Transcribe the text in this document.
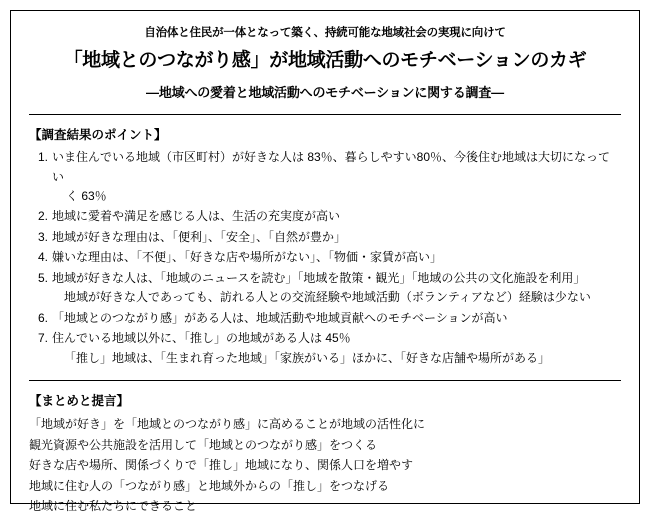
自治体と住民が一体となって築く、持続可能な地域社会の実現に向けて
「地域とのつながり感」が地域活動へのモチベーションのカギ
―地域への愛着と地域活動へのモチベーションに関する調査―
【調査結果のポイント】
1. いま住んでいる地域（市区町村）が好きな人は 83％、暮らしやすい80％、今後住む地域は大切になってい
く 63％
2. 地域に愛着や満足を感じる人は、生活の充実度が高い
3. 地域が好きな理由は、「便利」、「安全」、「自然が豊か」
4. 嫌いな理由は、「不便」、「好きな店や場所がない」、「物価・家賃が高い」
5. 地域が好きな人は、「地域のニュースを読む」「地域を散策・観光」「地域の公共の文化施設を利用」
地域が好きな人であっても、訪れる人との交流経験や地域活動（ボランティアなど）経験は少ない
6. 「地域とのつながり感」がある人は、地域活動や地域貢献へのモチベーションが高い
7. 住んでいる地域以外に、「推し」の地域がある人は 45％
「推し」地域は、「生まれ育った地域」「家族がいる」ほかに、「好きな店舗や場所がある」
【まとめと提言】
「地域が好き」を「地域とのつながり感」に高めることが地域の活性化に
観光資源や公共施設を活用して「地域とのつながり感」をつくる
好きな店や場所、関係づくりで「推し」地域になり、関係人口を増やす
地域に住む人の「つながり感」と地域外からの「推し」をつなげる
地域に住む私たちにできること
